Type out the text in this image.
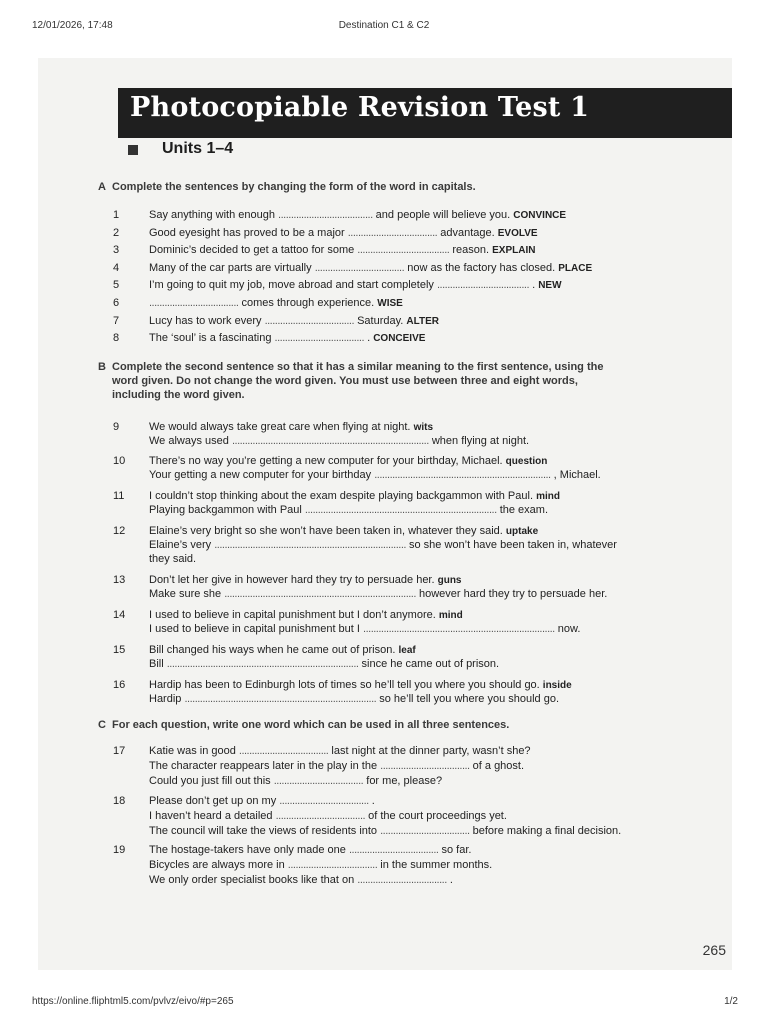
12/01/2026, 17:48	Destination C1 & C2
Photocopiable Revision Test 1
Units 1–4
A Complete the sentences by changing the form of the word in capitals.
1	Say anything with enough ..................................... and people will believe you. CONVINCE
2	Good eyesight has proved to be a major ................................... advantage. EVOLVE
3	Dominic’s decided to get a tattoo for some .................................... reason. EXPLAIN
4	Many of the car parts are virtually ................................... now as the factory has closed. PLACE
5	I’m going to quit my job, move abroad and start completely .................................... . NEW
6	................................... comes through experience. WISE
7	Lucy has to work every ................................... Saturday. ALTER
8	The ‘soul’ is a fascinating ................................... . CONCEIVE
B Complete the second sentence so that it has a similar meaning to the first sentence, using the
word given. Do not change the word given. You must use between three and eight words,
including the word given.
9	We would always take great care when flying at night. wits
We always used ............................................................................. when flying at night.
10	There’s no way you’re getting a new computer for your birthday, Michael. question
Your getting a new computer for your birthday ..................................................................... , Michael.
11	I couldn’t stop thinking about the exam despite playing backgammon with Paul. mind
Playing backgammon with Paul ........................................................................... the exam.
12	Elaine’s very bright so she won’t have been taken in, whatever they said. uptake
Elaine’s very ........................................................................... so she won’t have been taken in, whatever
they said.
13	Don’t let her give in however hard they try to persuade her. guns
Make sure she ........................................................................... however hard they try to persuade her.
14	I used to believe in capital punishment but I don’t anymore. mind
I used to believe in capital punishment but I ........................................................................... now.
15	Bill changed his ways when he came out of prison. leaf
Bill ........................................................................... since he came out of prison.
16	Hardip has been to Edinburgh lots of times so he’ll tell you where you should go. inside
Hardip ........................................................................... so he’ll tell you where you should go.
C For each question, write one word which can be used in all three sentences.
17	Katie was in good ................................... last night at the dinner party, wasn’t she?
The character reappears later in the play in the ................................... of a ghost.
Could you just fill out this ................................... for me, please?
18	Please don’t get up on my ................................... .
I haven’t heard a detailed ................................... of the court proceedings yet.
The council will take the views of residents into ................................... before making a final decision.
19	The hostage-takers have only made one ................................... so far.
Bicycles are always more in ................................... in the summer months.
We only order specialist books like that on ................................... .
265
https://online.fliphtml5.com/pvlvz/eivo/#p=265	1/2
